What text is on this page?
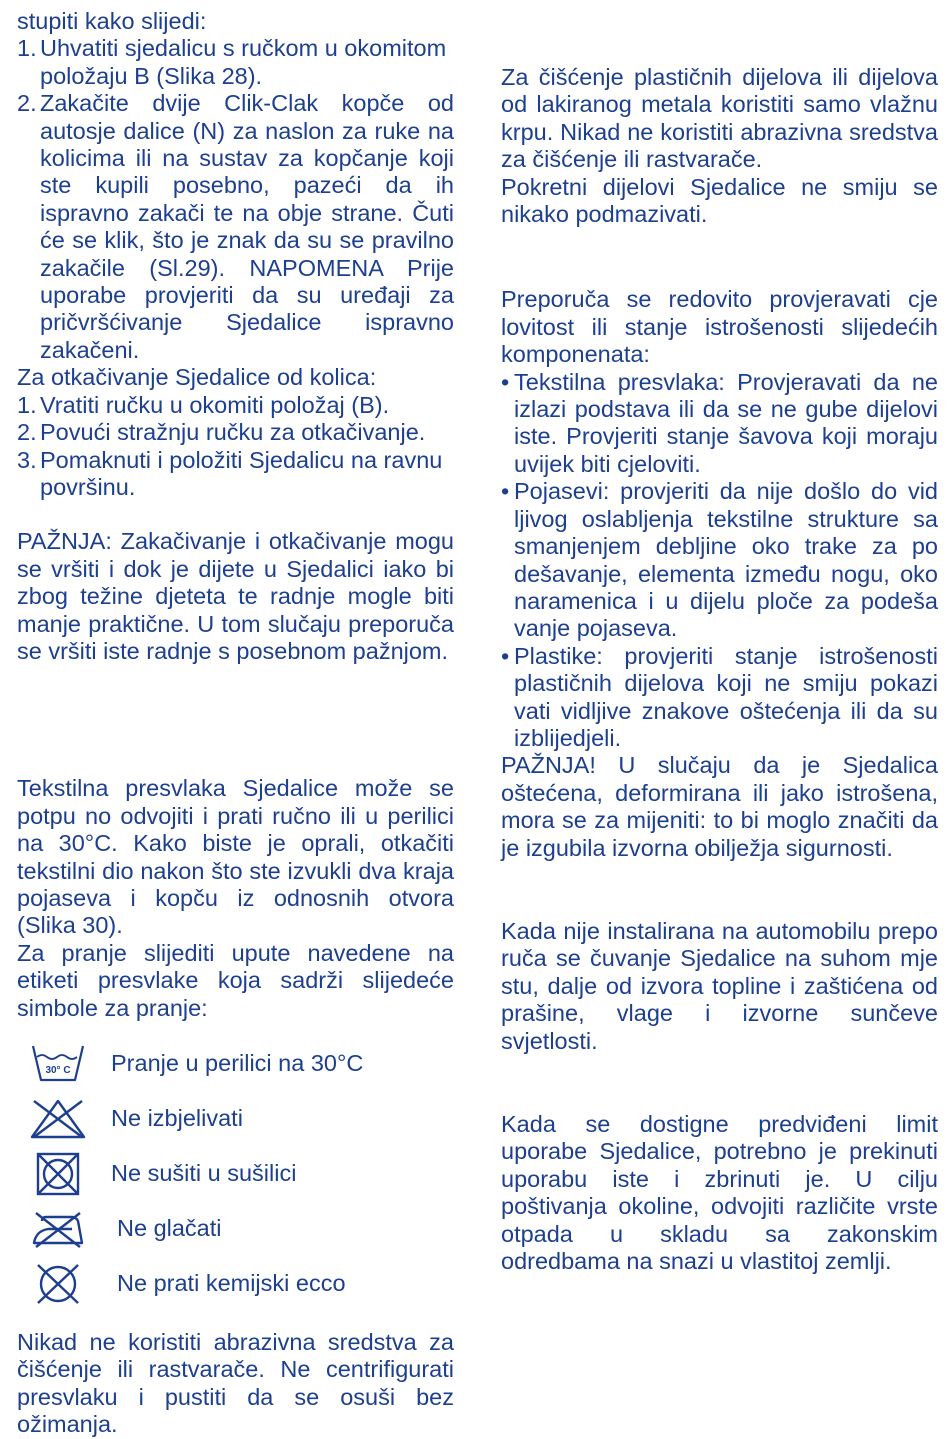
stupiti kako slijedi:

1. Uhvatiti sjedalicu s ručkom u okomitom položaju B (Slika 28).

2. Zakačite dvije Clik-Clak kopče od autosje dalice (N) za naslon za ruke na kolicima ili na sustav za kopčanje koji ste kupili posebno, pazeći da ih ispravno zakači te na obje strane. Čuti će se klik, što je znak da su se pravilno zakačile (Sl.29). NAPOMENA Prije uporabe provjeriti da su uređaji za pričvršćivanje Sjedalice ispravno zakačeni.

Za otkačivanje Sjedalice od kolica:

1. Vratiti ručku u okomiti položaj (B).

2. Povući stražnju ručku za otkačivanje.

3. Pomaknuti i položiti Sjedalicu na ravnu površinu.

PAŽNJA: Zakačivanje i otkačivanje mogu se vršiti i dok je dijete u Sjedalici iako bi zbog težine djeteta te radnje mogle biti manje praktične. U tom slučaju preporuča se vršiti iste radnje s posebnom pažnjom.

Tekstilna presvlaka Sjedalice može se potpu no odvojiti i prati ručno ili u perilici na 30°C. Kako biste je oprali, otkačiti tekstilni dio nakon što ste izvukli dva kraja pojaseva i kopču iz odnosnih otvora (Slika 30).

Za pranje slijediti upute navedene na etiketi presvlake koja sadrži slijedeće simbole za pranje:

30° C Pranje u perilici na 30°C
Ne izbjelivati
Ne sušiti u sušilici
Ne glačati
Ne prati kemijski ecco

Nikad ne koristiti abrazivna sredstva za čišćenje ili rastvarače. Ne centrifigurati presvlaku i pustiti da se osuši bez ožimanja.

Za čišćenje plastičnih dijelova ili dijelova od lakiranog metala koristiti samo vlažnu krpu. Nikad ne koristiti abrazivna sredstva za čišćenje ili rastvarače.

Pokretni dijelovi Sjedalice ne smiju se nikako podmazivati.

Preporuča se redovito provjeravati cje lovitost ili stanje istrošenosti slijedećih komponenata:

• Tekstilna presvlaka: Provjeravati da ne izlazi podstava ili da se ne gube dijelovi iste. Provjeriti stanje šavova koji moraju uvijek biti cjeloviti.

• Pojasevi: provjeriti da nije došlo do vid ljivog oslabljenja tekstilne strukture sa smanjenjem debljine oko trake za po dešavanje, elementa između nogu, oko naramenica i u dijelu ploče za podeša vanje pojaseva.

• Plastike: provjeriti stanje istrošenosti plastičnih dijelova koji ne smiju pokazi vati vidljive znakove oštećenja ili da su izblijedjeli.

PAŽNJA! U slučaju da je Sjedalica oštećena, deformirana ili jako istrošena, mora se za mijeniti: to bi moglo značiti da je izgubila izvorna obilježja sigurnosti.

Kada nije instalirana na automobilu prepo ruča se čuvanje Sjedalice na suhom mje stu, dalje od izvora topline i zaštićena od prašine, vlage i izvorne sunčeve svjetlosti.

Kada se dostigne predviđeni limit uporabe Sjedalice, potrebno je prekinuti uporabu iste i zbrinuti je. U cilju poštivanja okoline, odvojiti različite vrste otpada u skladu sa zakonskim odredbama na snazi u vlastitoj zemlji.
